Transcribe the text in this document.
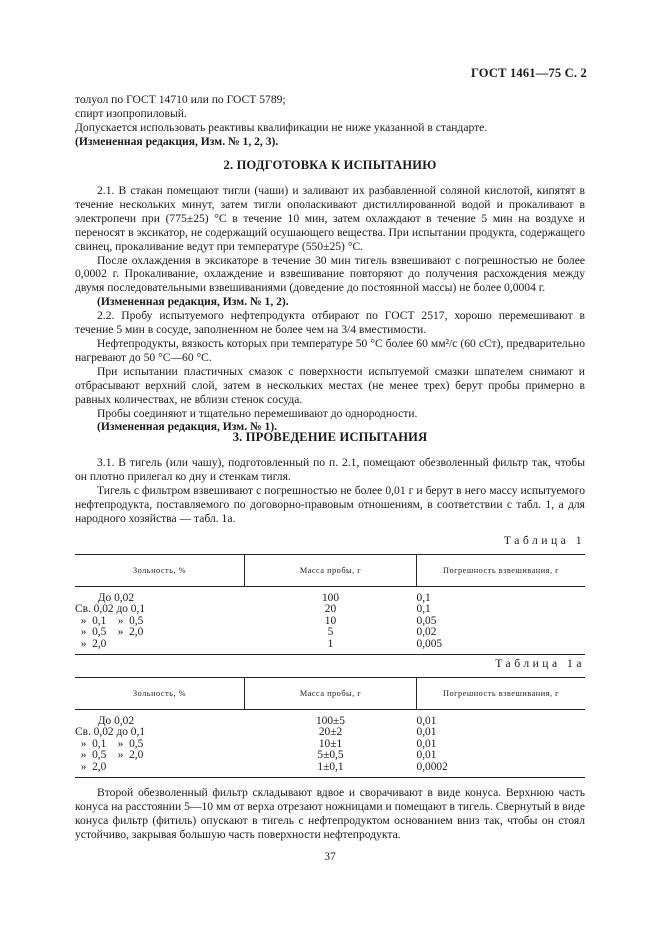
ГОСТ 1461—75 С. 2

толуол по ГОСТ 14710 или по ГОСТ 5789;

спирт изопропиловый.

Допускается использовать реактивы квалификации не ниже указанной в стандарте.

(Измененная редакция, Изм. № 1, 2, 3).

2. ПОДГОТОВКА К ИСПЫТАНИЮ

2.1. В стакан помещают тигли (чаши) и заливают их разбавленной соляной кислотой, кипятят в течение нескольких минут, затем тигли ополаскивают дистиллированной водой и прокаливают в электропечи при (775±25) °С в течение 10 мин, затем охлаждают в течение 5 мин на воздухе и переносят в эксикатор, не содержащий осушающего вещества. При испытании продукта, содержащего свинец, прокаливание ведут при температуре (550±25) °С.

После охлаждения в эксикаторе в течение 30 мин тигель взвешивают с погрешностью не более 0,0002 г. Прокаливание, охлаждение и взвешивание повторяют до получения расхождения между двумя последовательными взвешиваниями (доведение до постоянной массы) не более 0,0004 г.

(Измененная редакция, Изм. № 1, 2).

2.2. Пробу испытуемого нефтепродукта отбирают по ГОСТ 2517, хорошо перемешивают в течение 5 мин в сосуде, заполненном не более чем на 3/4 вместимости.

Нефтепродукты, вязкость которых при температуре 50 °С более 60 мм²/с (60 сСт), предварительно нагревают до 50 °С—60 °С.

При испытании пластичных смазок с поверхности испытуемой смазки шпателем снимают и отбрасывают верхний слой, затем в нескольких местах (не менее трех) берут пробы примерно в равных количествах, не вблизи стенок сосуда.

Пробы соединяют и тщательно перемешивают до однородности.

(Измененная редакция, Изм. № 1).

3. ПРОВЕДЕНИЕ ИСПЫТАНИЯ

3.1. В тигель (или чашу), подготовленный по п. 2.1, помещают обезволенный фильтр так, чтобы он плотно прилегал ко дну и стенкам тигля.

Тигель с фильтром взвешивают с погрешностью не более 0,01 г и берут в него массу испытуемого нефтепродукта, поставляемого по договорно-правовым отношениям, в соответствии с табл. 1, а для народного хозяйства — табл. 1а.

Таблица 1

Зольность, %	Масса пробы, г	Погрешность взвешивания, г
До 0,02	100	0,1
Св. 0,02 до 0,1	20	0,1
»  0,1    »  0,5	10	0,05
»  0,5    »  2,0	5	0,02
»  2,0	1	0,005

Таблица 1а

Зольность, %	Масса пробы, г	Погрешность взвешивания, г
До 0,02	100±5	0,01
Св. 0,02 до 0,1	20±2	0,01
»  0,1    »  0,5	10±1	0,01
»  0,5    »  2,0	5±0,5	0,01
»  2,0	1±0,1	0,0002

Второй обезволенный фильтр складывают вдвое и сворачивают в виде конуса. Верхнюю часть конуса на расстоянии 5—10 мм от верха отрезают ножницами и помещают в тигель. Свернутый в виде конуса фильтр (фитиль) опускают в тигель с нефтепродуктом основанием вниз так, чтобы он стоял устойчиво, закрывая большую часть поверхности нефтепродукта.

37
